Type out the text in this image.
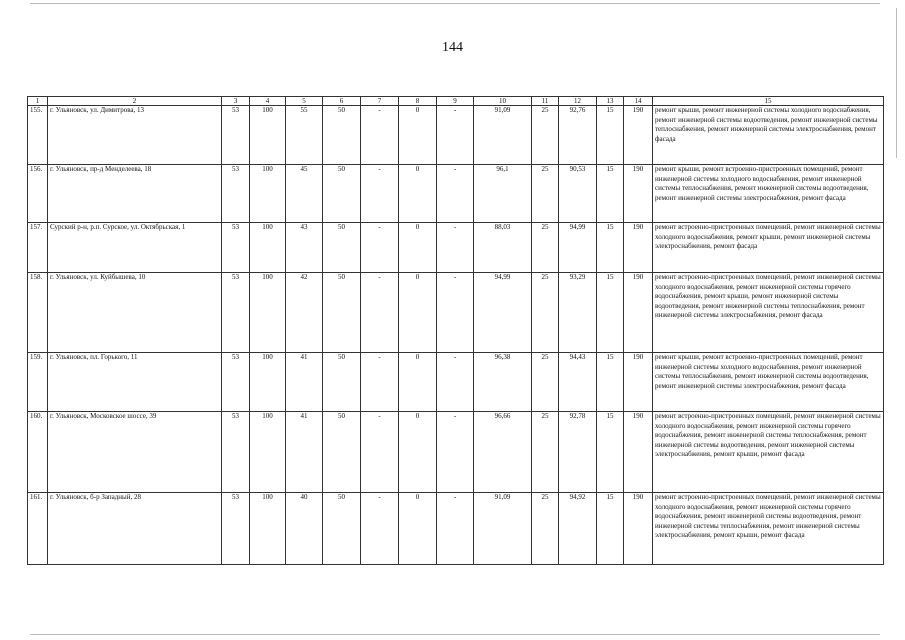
144
1	2	3	4	5	6	7	8	9	10	11	12	13	14	15
155.	г. Ульяновск, ул. Димитрова, 13	53	100	55	50	-	0	-	91,09	25	92,76	15	190	ремонт крыши, ремонт инженерной системы холодного водоснабжения, ремонт инженерной системы водоотведения, ремонт инженерной системы теплоснабжения, ремонт инженерной системы электроснабжения, ремонт фасада
156.	г. Ульяновск, пр-д Менделеева, 18	53	100	45	50	-	0	-	96,1	25	90,53	15	190	ремонт крыши, ремонт встроенно-пристроенных помещений, ремонт инженерной системы холодного водоснабжения, ремонт инженерной системы теплоснабжения, ремонт инженерной системы водоотведения, ремонт инженерной системы электроснабжения, ремонт фасада
157.	Сурский р-н, р.п. Сурское, ул. Октябрьская, 1	53	100	43	50	-	0	-	88,03	25	94,99	15	190	ремонт встроенно-пристроенных помещений, ремонт инженерной системы холодного водоснабжения, ремонт крыши, ремонт инженерной системы электроснабжения, ремонт фасада
158.	г. Ульяновск, ул. Куйбышева, 10	53	100	42	50	-	0	-	94,99	25	93,29	15	190	ремонт встроенно-пристроенных помещений, ремонт инженерной системы холодного водоснабжения, ремонт инженерной системы горячего водоснабжения, ремонт крыши, ремонт инженерной системы водоотведения, ремонт инженерной системы теплоснабжения, ремонт инженерной системы электроснабжения, ремонт фасада
159.	г. Ульяновск, пл. Горького, 11	53	100	41	50	-	0	-	96,38	25	94,43	15	190	ремонт крыши, ремонт встроенно-пристроенных помещений, ремонт инженерной системы холодного водоснабжения, ремонт инженерной системы теплоснабжения, ремонт инженерной системы водоотведения, ремонт инженерной системы электроснабжения, ремонт фасада
160.	г. Ульяновск, Московское шоссе, 39	53	100	41	50	-	0	-	96,66	25	92,78	15	190	ремонт встроенно-пристроенных помещений, ремонт инженерной системы холодного водоснабжения, ремонт инженерной системы горячего водоснабжения, ремонт инженерной системы теплоснабжения, ремонт инженерной системы водоотведения, ремонт инженерной системы электроснабжения, ремонт крыши, ремонт фасада
161.	г. Ульяновск, б-р Западный, 28	53	100	40	50	-	0	-	91,09	25	94,92	15	190	ремонт встроенно-пристроенных помещений, ремонт инженерной системы холодного водоснабжения, ремонт инженерной системы горячего водоснабжения, ремонт инженерной системы водоотведения, ремонт инженерной системы теплоснабжения, ремонт инженерной системы электроснабжения, ремонт крыши, ремонт фасада
